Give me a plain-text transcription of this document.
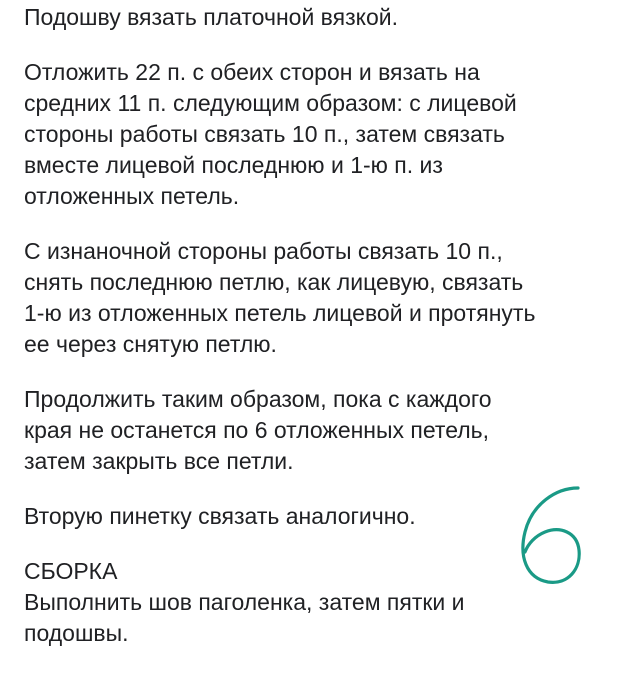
Подошву вязать платочной вязкой.

Отложить 22 п. с обеих сторон и вязать на
средних 11 п. следующим образом: с лицевой
стороны работы связать 10 п., затем связать
вместе лицевой последнюю и 1-ю п. из
отложенных петель.

С изнаночной стороны работы связать 10 п.,
снять последнюю петлю, как лицевую, связать
1-ю из отложенных петель лицевой и протянуть
ее через снятую петлю.

Продолжить таким образом, пока с каждого
края не останется по 6 отложенных петель,
затем закрыть все петли.

Вторую пинетку связать аналогично.

СБОРКА
Выполнить шов паголенка, затем пятки и
подошвы.
